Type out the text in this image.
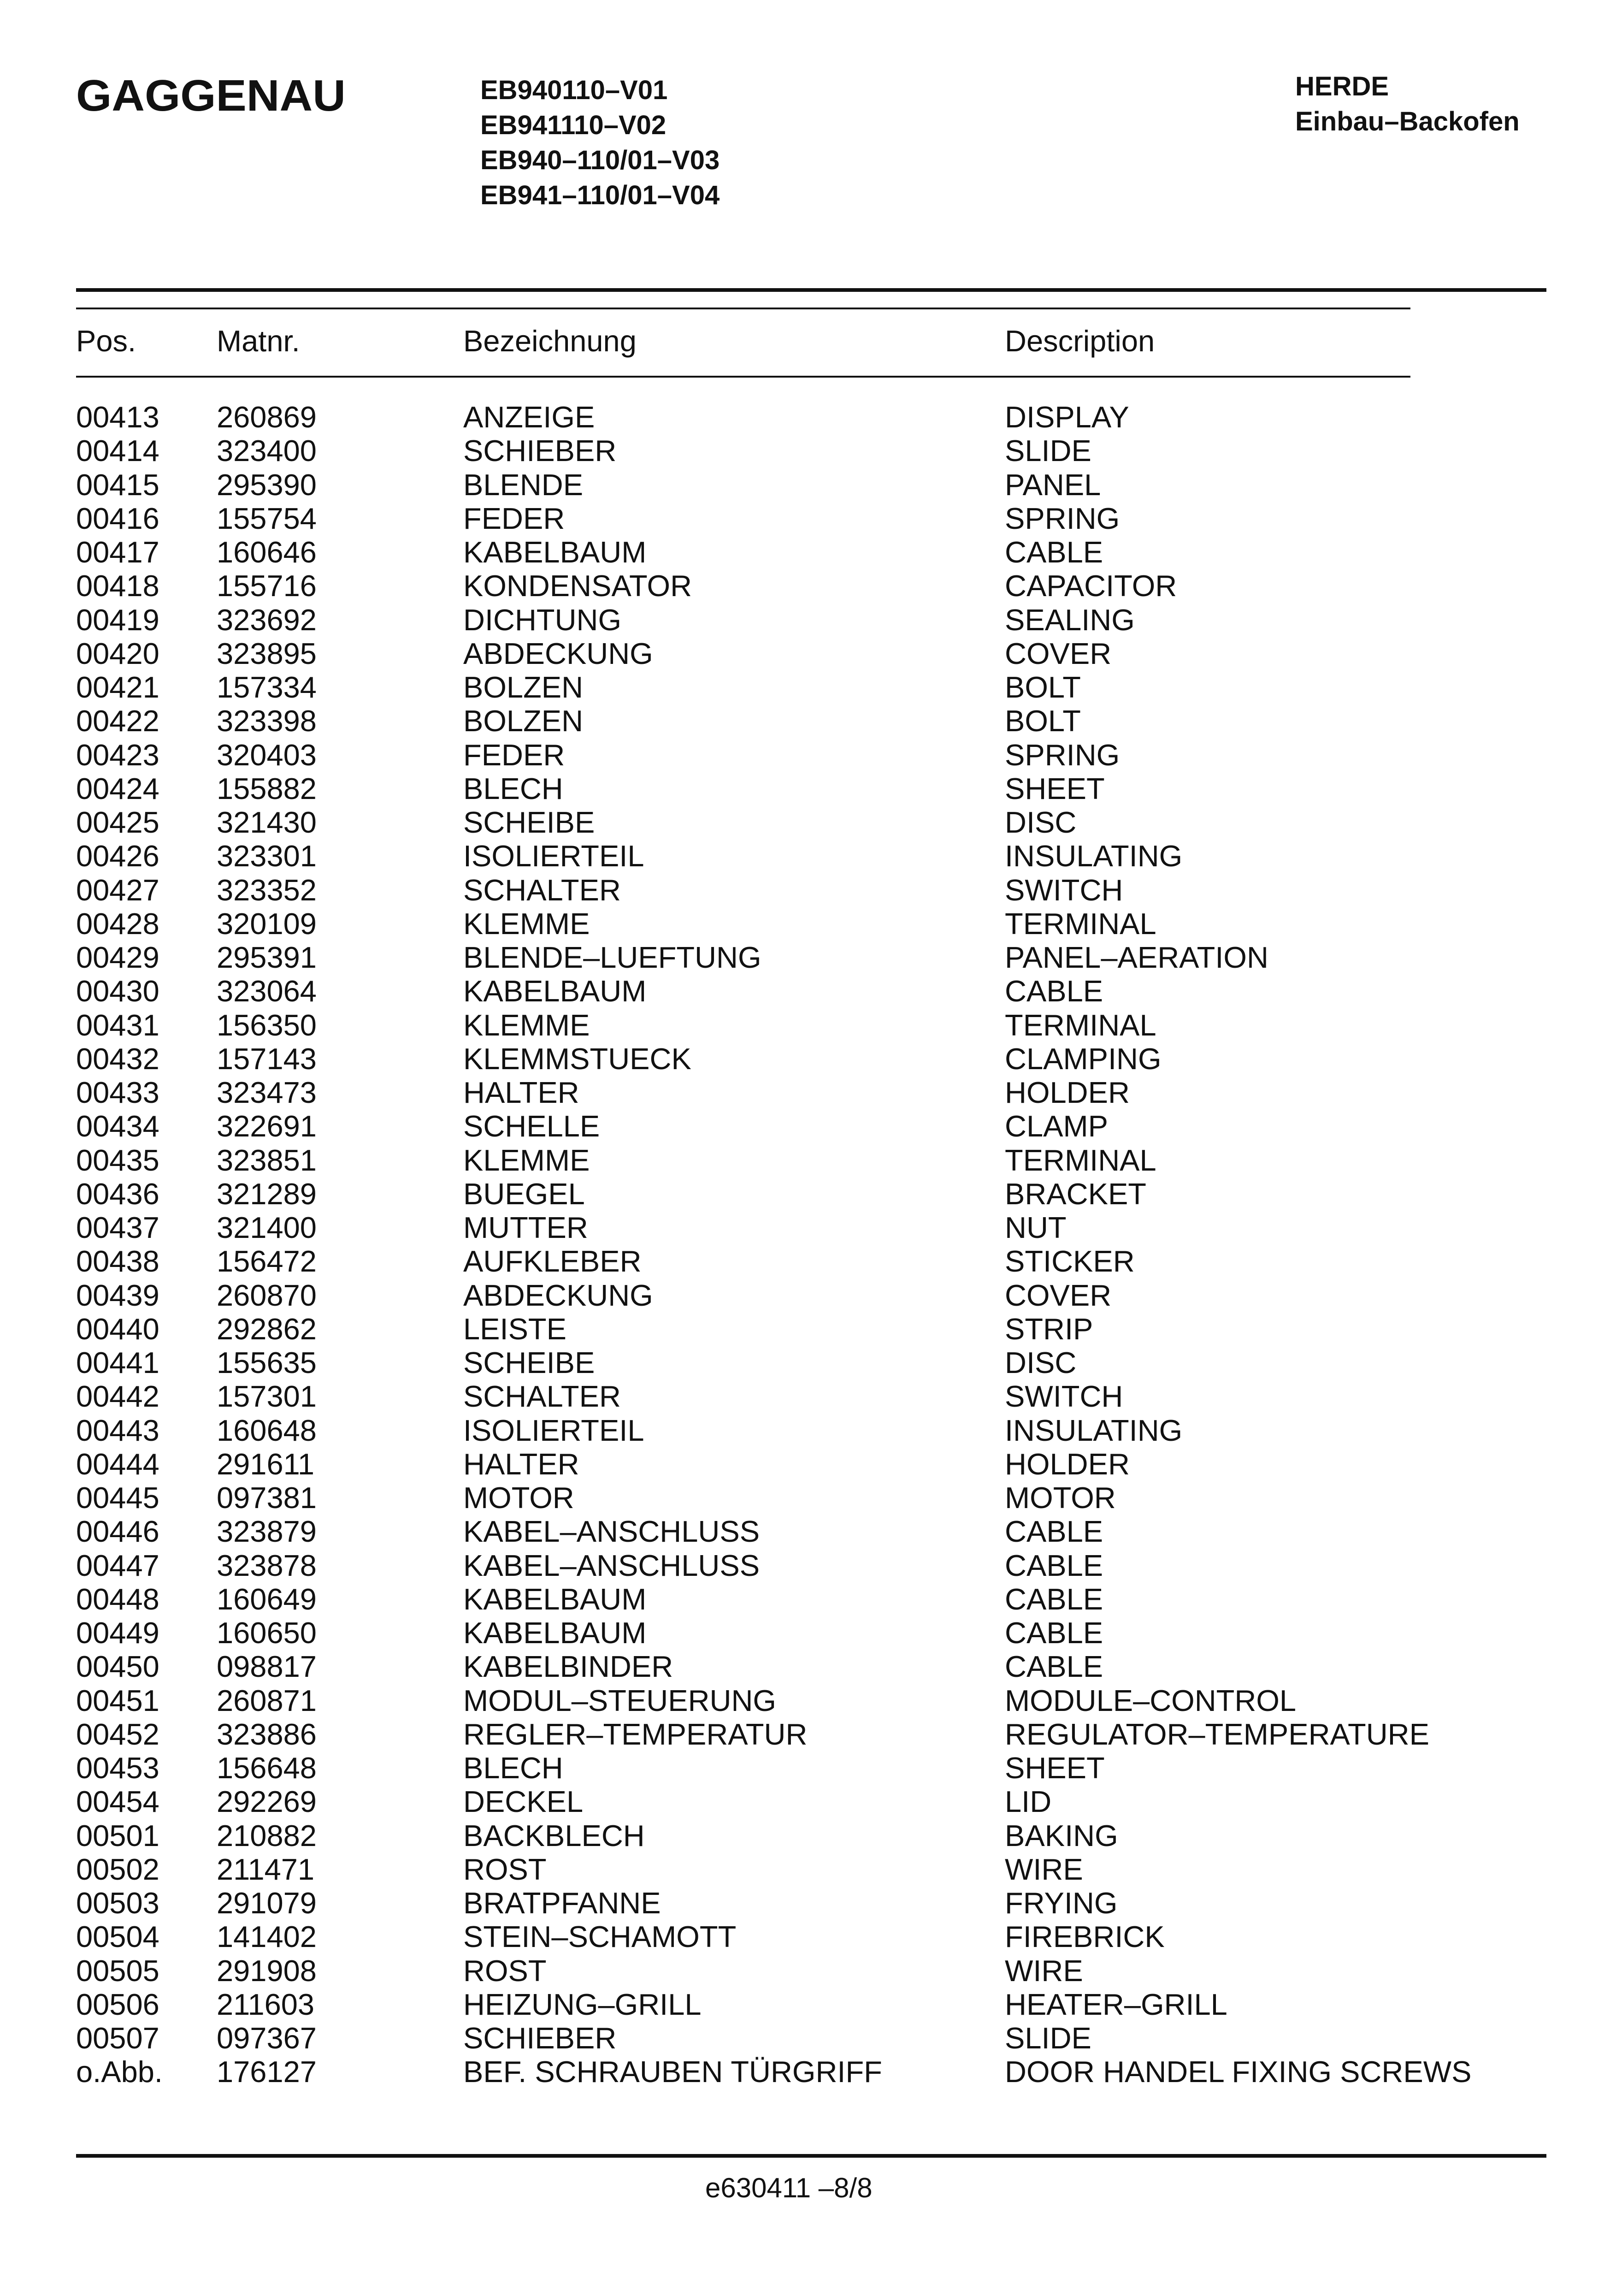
GAGGENAU	EB940110–V01
EB941110–V02
EB940–110/01–V03
EB941–110/01–V04
HERDE
Einbau–Backofen
Pos.	Matnr.	Bezeichnung	Description
00413 260869	ANZEIGE	DISPLAY
00414 323400	SCHIEBER	SLIDE
00415 295390	BLENDE	PANEL
00416 155754	FEDER	SPRING
00417 160646	KABELBAUM	CABLE
00418 155716	KONDENSATOR	CAPACITOR
00419 323692	DICHTUNG	SEALING
00420 323895	ABDECKUNG	COVER
00421 157334	BOLZEN	BOLT
00422 323398	BOLZEN	BOLT
00423 320403	FEDER	SPRING
00424 155882	BLECH	SHEET
00425 321430	SCHEIBE	DISC
00426 323301	ISOLIERTEIL	INSULATING
00427 323352	SCHALTER	SWITCH
00428 320109	KLEMME	TERMINAL
00429 295391	BLENDE–LUEFTUNG	PANEL–AERATION
00430 323064	KABELBAUM	CABLE
00431 156350	KLEMME	TERMINAL
00432 157143	KLEMMSTUECK	CLAMPING
00433 323473	HALTER	HOLDER
00434 322691	SCHELLE	CLAMP
00435 323851	KLEMME	TERMINAL
00436 321289	BUEGEL	BRACKET
00437 321400	MUTTER	NUT
00438 156472	AUFKLEBER	STICKER
00439 260870	ABDECKUNG	COVER
00440 292862	LEISTE	STRIP
00441 155635	SCHEIBE	DISC
00442 157301	SCHALTER	SWITCH
00443 160648	ISOLIERTEIL	INSULATING
00444 291611	HALTER	HOLDER
00445 097381	MOTOR	MOTOR
00446 323879	KABEL–ANSCHLUSS	CABLE
00447 323878	KABEL–ANSCHLUSS	CABLE
00448 160649	KABELBAUM	CABLE
00449 160650	KABELBAUM	CABLE
00450 098817	KABELBINDER	CABLE
00451 260871	MODUL–STEUERUNG	MODULE–CONTROL
00452 323886	REGLER–TEMPERATUR	REGULATOR–TEMPERATURE
00453 156648	BLECH	SHEET
00454 292269	DECKEL	LID
00501 210882	BACKBLECH	BAKING
00502 211471	ROST	WIRE
00503 291079	BRATPFANNE	FRYING
00504 141402	STEIN–SCHAMOTT	FIREBRICK
00505 291908	ROST	WIRE
00506 211603	HEIZUNG–GRILL	HEATER–GRILL
00507 097367	SCHIEBER	SLIDE
o.Abb. 176127	BEF. SCHRAUBEN TÜRGRIFF	DOOR HANDEL FIXING SCREWS
e630411 –8/8
